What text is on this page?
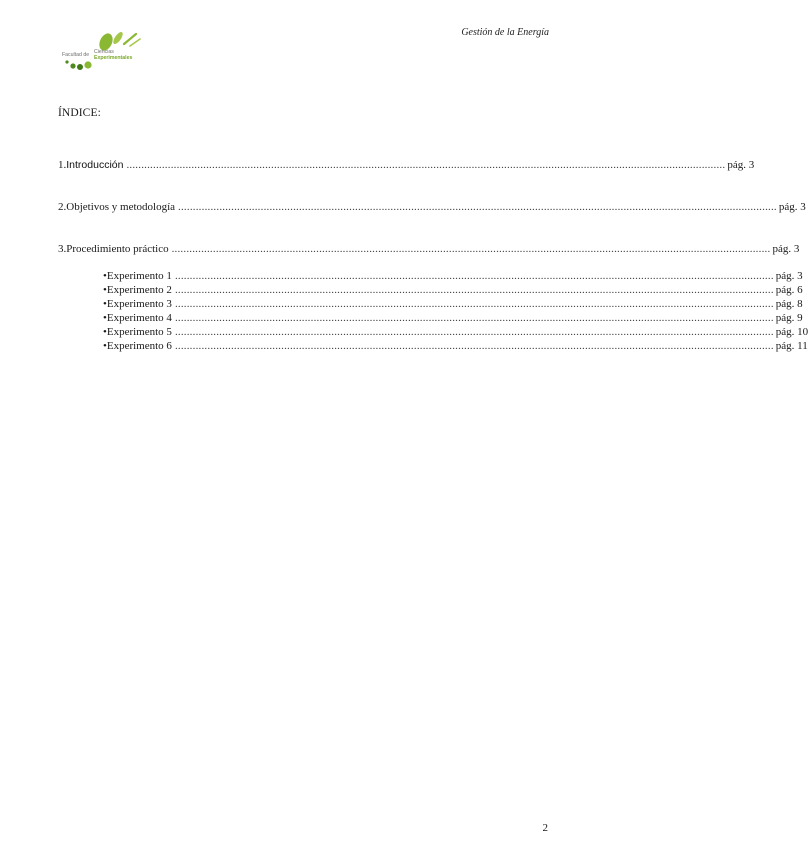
Facultad de Ciencias
Experimentales
Gestión de la Energía
ÍNDICE:
1. Introducción ........................................................................................................................................................................................................... pág. 3
2. Objetivos y metodología ........................................................................................................................................................................................................... pág. 3
3. Procedimiento práctico ........................................................................................................................................................................................................... pág. 3
• Experimento 1 ........................................................................................................................................................................................................... pág. 3
• Experimento 2 ........................................................................................................................................................................................................... pág. 6
• Experimento 3 ........................................................................................................................................................................................................... pág. 8
• Experimento 4 ........................................................................................................................................................................................................... pág. 9
• Experimento 5 ........................................................................................................................................................................................................... pág. 10
• Experimento 6 ........................................................................................................................................................................................................... pág. 11
2
